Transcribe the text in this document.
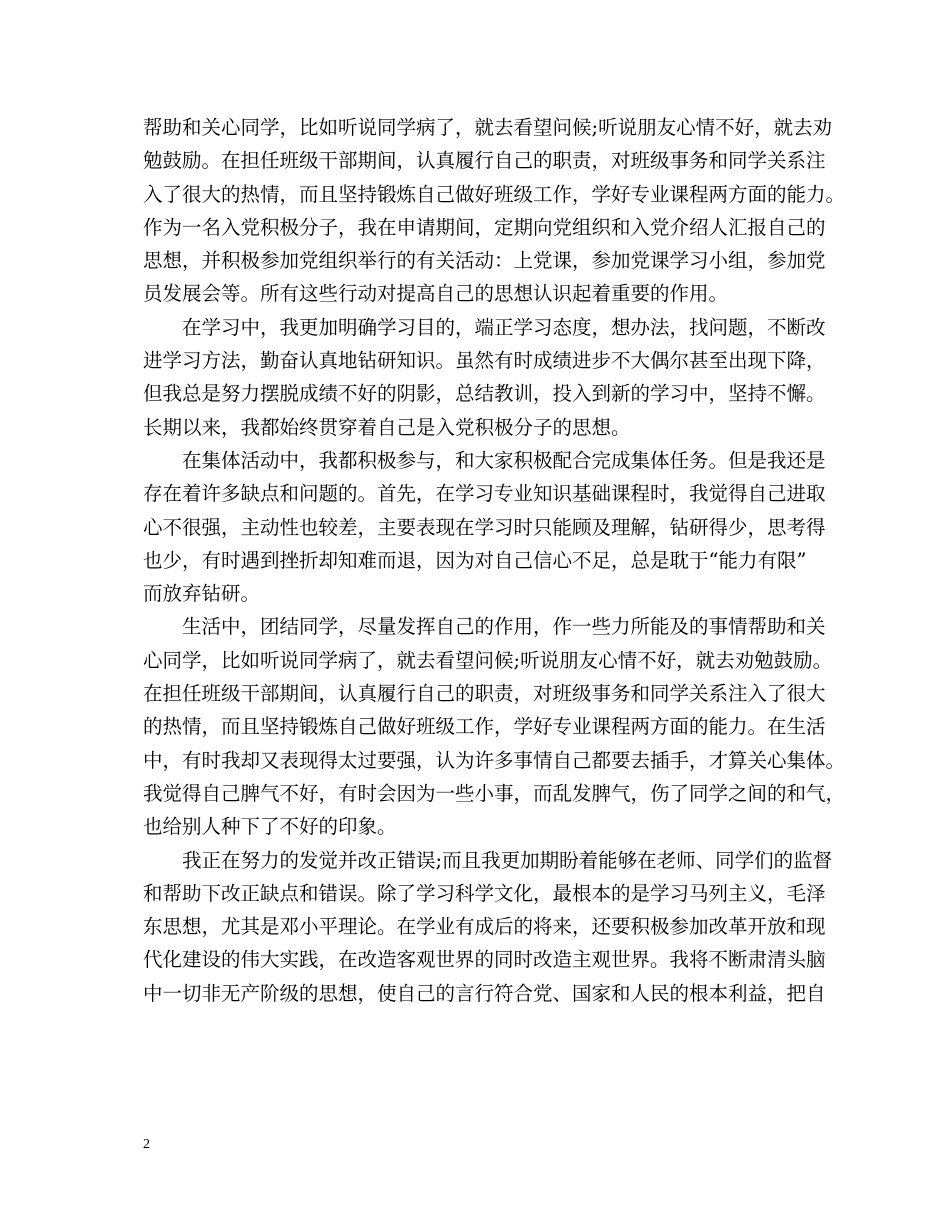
帮助和关心同学，比如听说同学病了，就去看望问候;听说朋友心情不好，就去劝
勉鼓励。在担任班级干部期间，认真履行自己的职责，对班级事务和同学关系注
入了很大的热情，而且坚持锻炼自己做好班级工作，学好专业课程两方面的能力。
作为一名入党积极分子，我在申请期间，定期向党组织和入党介绍人汇报自己的
思想，并积极参加党组织举行的有关活动：上党课，参加党课学习小组，参加党
员发展会等。所有这些行动对提高自己的思想认识起着重要的作用。
在学习中，我更加明确学习目的，端正学习态度，想办法，找问题，不断改
进学习方法，勤奋认真地钻研知识。虽然有时成绩进步不大偶尔甚至出现下降，
但我总是努力摆脱成绩不好的阴影，总结教训，投入到新的学习中，坚持不懈。
长期以来，我都始终贯穿着自己是入党积极分子的思想。
在集体活动中，我都积极参与，和大家积极配合完成集体任务。但是我还是
存在着许多缺点和问题的。首先，在学习专业知识基础课程时，我觉得自己进取
心不很强，主动性也较差，主要表现在学习时只能顾及理解，钻研得少，思考得
也少，有时遇到挫折却知难而退，因为对自己信心不足，总是耽于“能力有限”
而放弃钻研。
生活中，团结同学，尽量发挥自己的作用，作一些力所能及的事情帮助和关
心同学，比如听说同学病了，就去看望问候;听说朋友心情不好，就去劝勉鼓励。
在担任班级干部期间，认真履行自己的职责，对班级事务和同学关系注入了很大
的热情，而且坚持锻炼自己做好班级工作，学好专业课程两方面的能力。在生活
中，有时我却又表现得太过要强，认为许多事情自己都要去插手，才算关心集体。
我觉得自己脾气不好，有时会因为一些小事，而乱发脾气，伤了同学之间的和气，
也给别人种下了不好的印象。
我正在努力的发觉并改正错误;而且我更加期盼着能够在老师、同学们的监督
和帮助下改正缺点和错误。除了学习科学文化，最根本的是学习马列主义，毛泽
东思想，尤其是邓小平理论。在学业有成后的将来，还要积极参加改革开放和现
代化建设的伟大实践，在改造客观世界的同时改造主观世界。我将不断肃清头脑
中一切非无产阶级的思想，使自己的言行符合党、国家和人民的根本利益，把自
2
